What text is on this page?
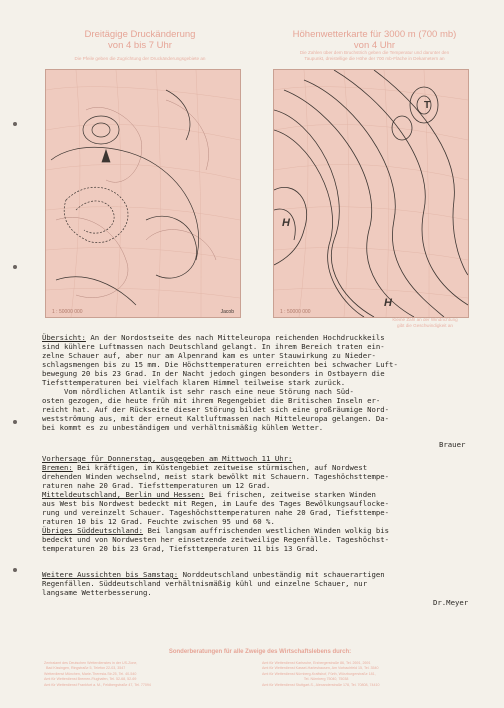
Dreitägige Druckänderung
von 4 bis 7 Uhr
Die Pfeile geben die Zugrichtung der Druckänderungsgebiete an
1 : 50000 000	Jacob
Höhenwetterkarte für 3000 m (700 mb)
von 4 Uhr
Die Zahlen über dem Bruchstrich geben die Temperatur und darunter den
Taupunkt, dreistellige die Höhe der 700 mb-Fläche in Dekametern an
T
H
H
1 : 50000 000
Kleine Zahl an der Windrichtung
gibt die Geschwindigkeit an
Übersicht: An der Nordostseite des nach Mitteleuropa reichenden Hochdruckkeils
sind kühlere Luftmassen nach Deutschland gelangt. In ihrem Bereich traten ein-
zelne Schauer auf, aber nur am Alpenrand kam es unter Stauwirkung zu Nieder-
schlagsmengen bis zu 15 mm. Die Höchsttemperaturen erreichten bei schwacher Luft-
bewegung 20 bis 23 Grad. In der Nacht jedoch gingen besonders in Ostbayern die
Tiefsttemperaturen bei vielfach klarem Himmel teilweise stark zurück.
Vom nördlichen Atlantik ist sehr rasch eine neue Störung nach Süd-
osten gezogen, die heute früh mit ihrem Regengebiet die Britischen Inseln er-
reicht hat. Auf der Rückseite dieser Störung bildet sich eine großräumige Nord-
westströmung aus, mit der erneut Kaltluftmassen nach Mitteleuropa gelangen. Da-
bei kommt es zu unbeständigem und verhältnismäßig kühlem Wetter.
Brauer
Vorhersage für Donnerstag, ausgegeben am Mittwoch 11 Uhr:
Bremen: Bei kräftigen, im Küstengebiet zeitweise stürmischen, auf Nordwest
drehenden Winden wechselnd, meist stark bewölkt mit Schauern. Tageshöchsttempe-
raturen nahe 20 Grad. Tiefsttemperaturen um 12 Grad.
Mitteldeutschland, Berlin und Hessen: Bei frischen, zeitweise starken Winden
aus West bis Nordwest bedeckt mit Regen, im Laufe des Tages Bewölkungsauflocke-
rung und vereinzelt Schauer. Tageshöchsttemperaturen nahe 20 Grad, Tiefsttempe-
raturen 10 bis 12 Grad. Feuchte zwischen 95 und 60 %.
Übriges Süddeutschland: Bei langsam auffrischenden westlichen Winden wolkig bis
bedeckt und von Nordwesten her einsetzende zeitweilige Regenfälle. Tageshöchst-
temperaturen 20 bis 23 Grad, Tiefsttemperaturen 11 bis 13 Grad.
Weitere Aussichten bis Samstag: Norddeutschland unbeständig mit schauerartigen
Regenfällen. Süddeutschland verhältnismäßig kühl und einzelne Schauer, nur
langsame Wetterbesserung.
Dr.Meyer
Sonderberatungen für alle Zweige des Wirtschaftslebens durch:
Zentralamt des Deutschen Wetterdienstes in der US-Zone,
Bad Kissingen, Ringstraße 5, Telefon 22-03, 3547
Wetterdienst München, Marie-Theresia-Str.25, Tel. 40-540
Amt für Wetterdienst Bremen-Flughafen, Tel. 52-68, 52-69
Amt für Wetterdienst Frankfurt a. M., Feldbergstraße 47, Tel. 77094
Amt für Wetterdienst Karlsruhe, Erzbergerstraße 86, Tel. 2691, 2691
Amt für Wetterdienst Kassel-Harleshausen, Am Vorbachfeld 15, Tel. 3540
Amt für Wetterdienst Nürnberg-Kraftshof, Fürth, Würzburgerstraße 181,
Tel. Nürnberg 75040, 75038
Amt für Wetterdienst Stuttgart-S., Alexanderstraße 178, Tel. 70808, 74410
